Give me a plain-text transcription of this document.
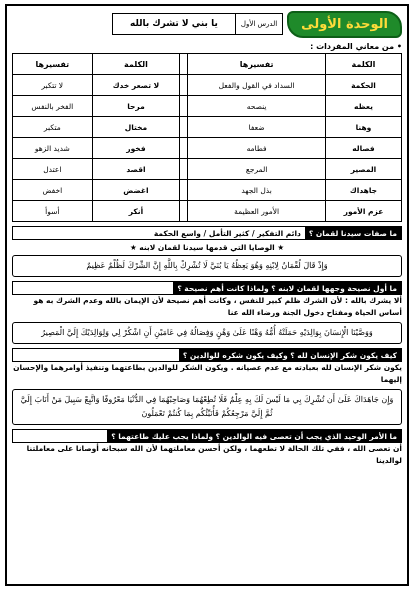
الوحدة الأولى
الدرس الأول
يا بني لا تشرك بالله
• من معاني المفردات :
الكلمة	تفسيرها		الكلمة	تفسيرها
الحكمة	السداد في القول والفعل		لا تصعر خدك	لا تتكبر
يعظه	ينصحه		مرحا	الفخر بالنفس
وهنا	ضعفا		مختال	متكبر
فصاله	فطامه		فخور	شديد الزهو
المصير	المرجع		اقصد	اعتدل
جاهداك	بذل الجهد		اغضض	اخفض
عزم الأمور	الأمور العظيمة		أنكر	أسوأ
ما صفات سيدنا لقمان ؟
دائم التفكير / كثير التأمل / واسع الحكمة
★ الوصايا التي قدمها سيدنا لقمان لابنه ★
وَإِذْ قَالَ لُقْمَانُ لِابْنِهِ وَهُوَ يَعِظُهُ يَا بُنَيَّ لَا تُشْرِكْ بِاللَّهِ إِنَّ الشِّرْكَ لَظُلْمٌ عَظِيمٌ
ما أول نصيحة وجهها لقمان لابنه ؟ ولماذا كانت أهم نصيحة ؟
ألا يشرك بالله : لأن الشرك ظلم كبير للنفس ، وكانت أهم نصيحة لأن الإيمان بالله وعدم الشرك به هو أساس الحياة ومفتاح دخول الجنة ورضاء الله عنا
وَوَصَّيْنَا الْإِنسَانَ بِوَالِدَيْهِ حَمَلَتْهُ أُمُّهُ وَهْنًا عَلَىٰ وَهْنٍ وَفِصَالُهُ فِي عَامَيْنِ أَنِ اشْكُرْ لِي وَلِوَالِدَيْكَ إِلَيَّ الْمَصِيرُ
كيف يكون شكر الإنسان لله ؟ وكيف يكون شكره للوالدين ؟
يكون شكر الإنسان لله بعبادته مع عدم عصيانه . ويكون الشكر للوالدين بطاعتهما وتنفيذ أوامرهما والإحسان إليهما
وَإِن جَاهَدَاكَ عَلَىٰ أَن تُشْرِكَ بِي مَا لَيْسَ لَكَ بِهِ عِلْمٌ فَلَا تُطِعْهُمَا وَصَاحِبْهُمَا فِي الدُّنْيَا مَعْرُوفًا وَاتَّبِعْ سَبِيلَ مَنْ أَنَابَ إِلَيَّ ثُمَّ إِلَيَّ مَرْجِعُكُمْ فَأُنَبِّئُكُم بِمَا كُنتُمْ تَعْمَلُونَ
ما الأمر الوحيد الذي يجب أن تعصى فيه الوالدين ؟ ولماذا يجب عليك طاعتهما ؟
أن تعصى الله ، ففي تلك الحالة لا تطعهما ، ولكن أحسن معاملتهما لأن الله سبحانه أوصانا على معاملتنا لوالدينا
